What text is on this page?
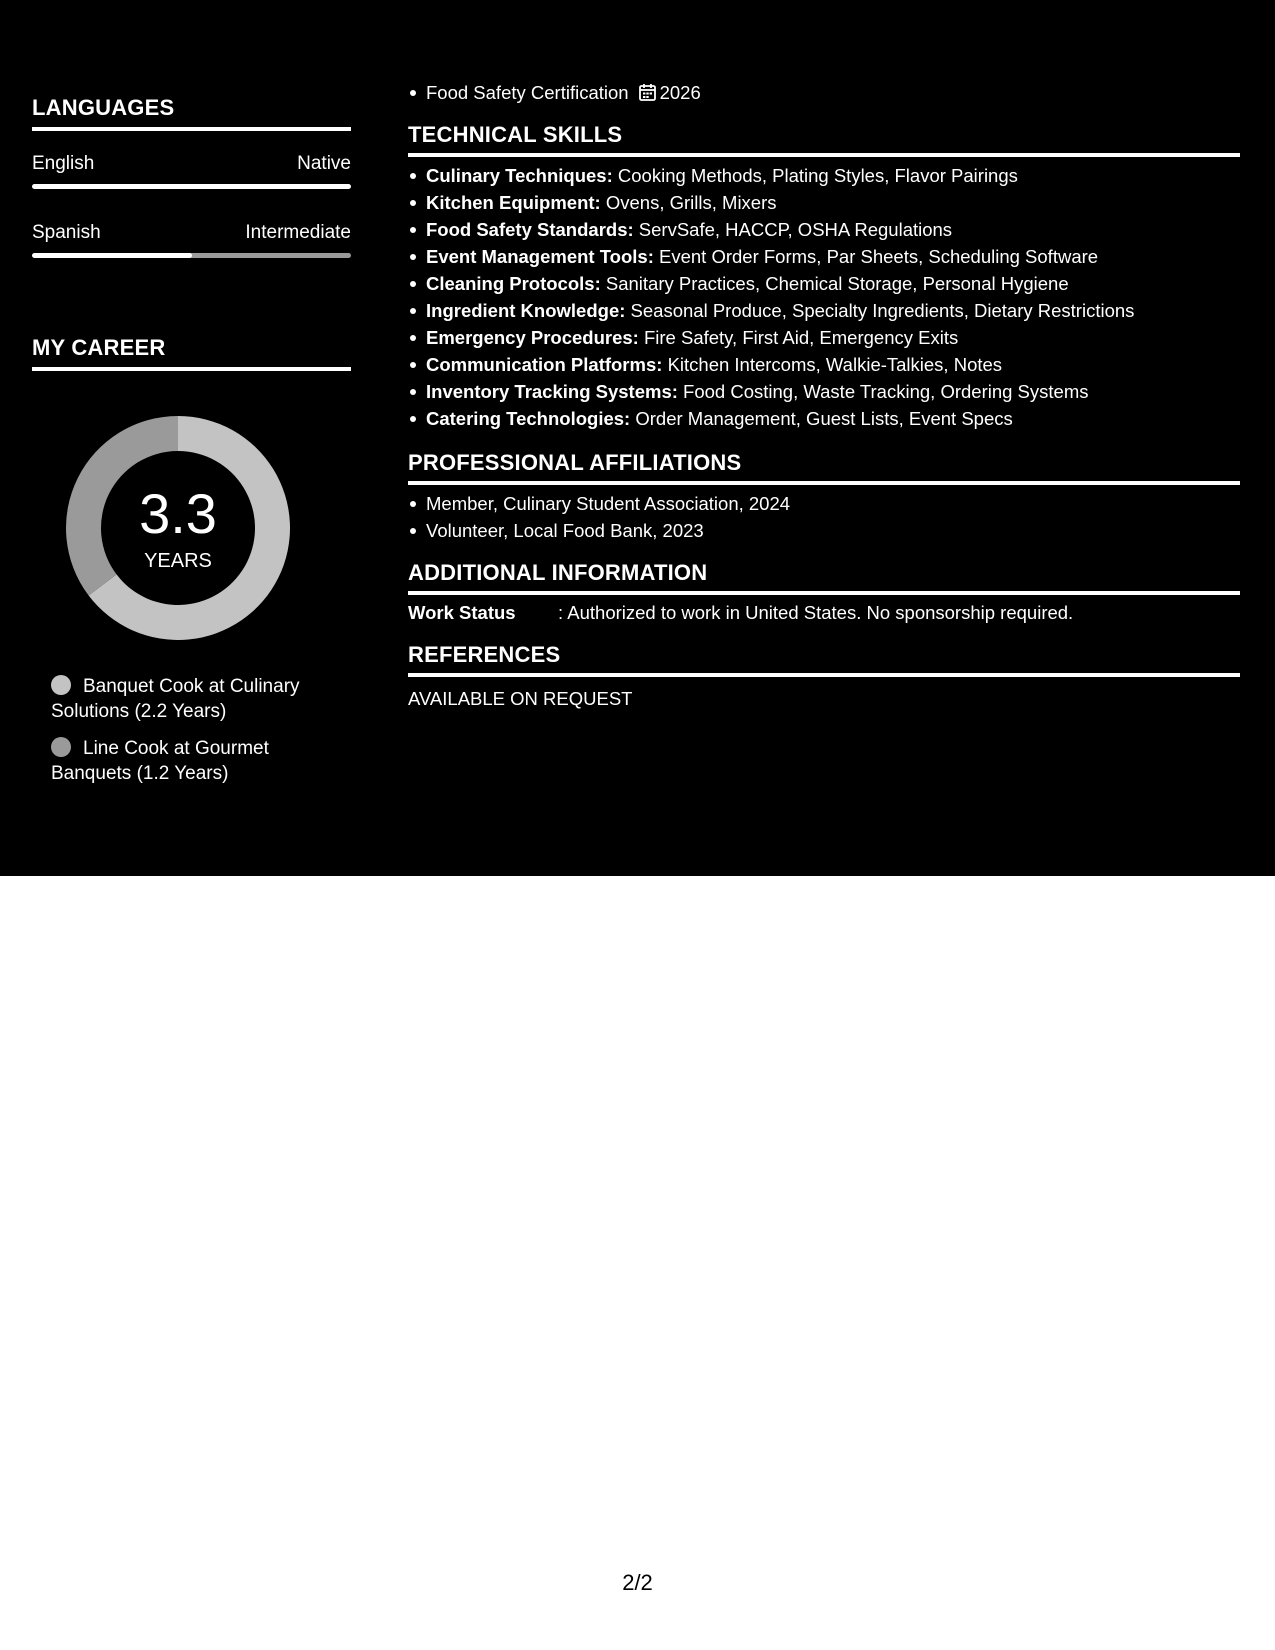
LANGUAGES
English	Native
Spanish	Intermediate
MY CAREER
3.3
YEARS
Banquet Cook at Culinary Solutions (2.2 Years)
Line Cook at Gourmet Banquets (1.2 Years)
Food Safety Certification 2026
TECHNICAL SKILLS
Culinary Techniques: Cooking Methods, Plating Styles, Flavor Pairings
Kitchen Equipment: Ovens, Grills, Mixers
Food Safety Standards: ServSafe, HACCP, OSHA Regulations
Event Management Tools: Event Order Forms, Par Sheets, Scheduling Software
Cleaning Protocols: Sanitary Practices, Chemical Storage, Personal Hygiene
Ingredient Knowledge: Seasonal Produce, Specialty Ingredients, Dietary Restrictions
Emergency Procedures: Fire Safety, First Aid, Emergency Exits
Communication Platforms: Kitchen Intercoms, Walkie-Talkies, Notes
Inventory Tracking Systems: Food Costing, Waste Tracking, Ordering Systems
Catering Technologies: Order Management, Guest Lists, Event Specs
PROFESSIONAL AFFILIATIONS
Member, Culinary Student Association, 2024
Volunteer, Local Food Bank, 2023
ADDITIONAL INFORMATION
Work Status : Authorized to work in United States. No sponsorship required.
REFERENCES
AVAILABLE ON REQUEST
2/2
